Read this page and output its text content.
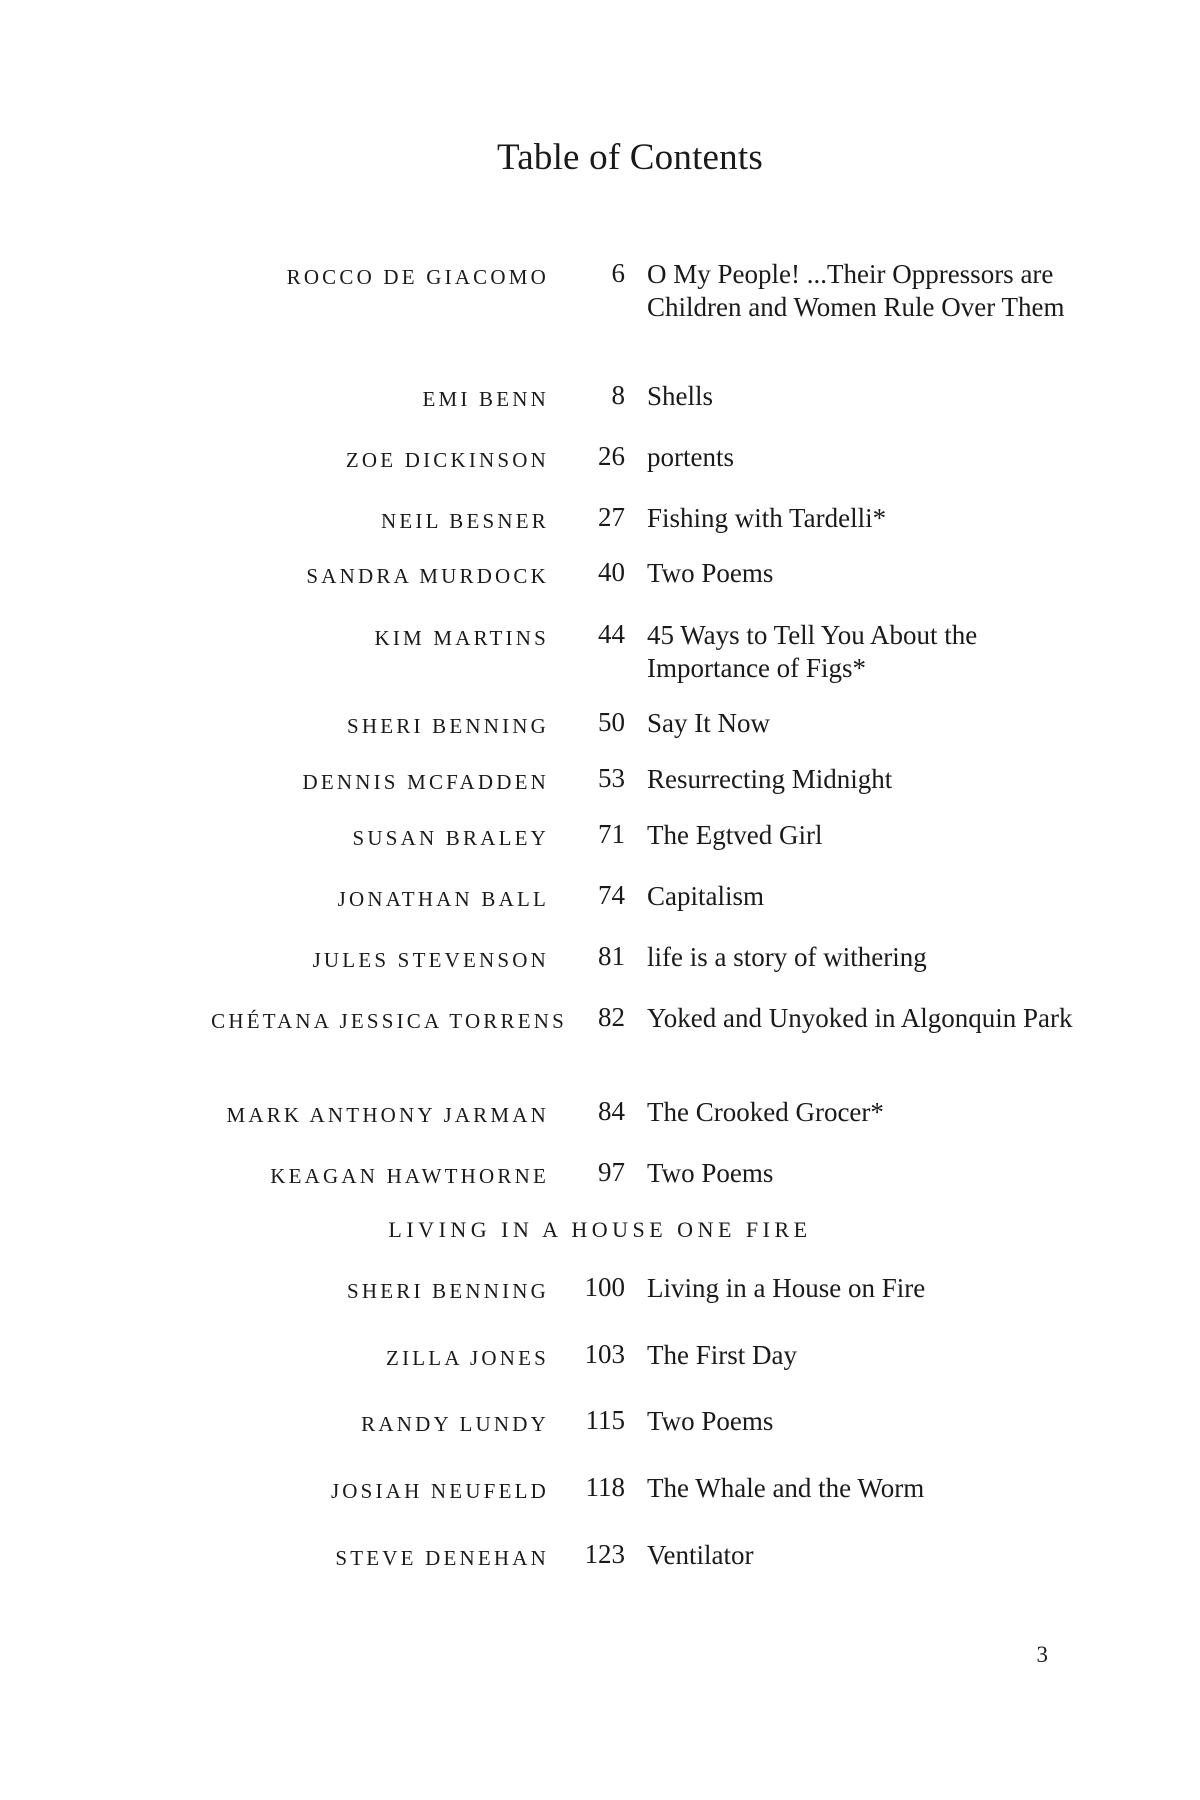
Table of Contents
ROCCO DE GIACOMO 6 O My People! ...Their Oppressors are Children and Women Rule Over Them
EMI BENN 8 Shells
ZOE DICKINSON 26 portents
NEIL BESNER 27 Fishing with Tardelli*
SANDRA MURDOCK 40 Two Poems
KIM MARTINS 44 45 Ways to Tell You About the Importance of Figs*
SHERI BENNING 50 Say It Now
DENNIS MCFADDEN 53 Resurrecting Midnight
SUSAN BRALEY 71 The Egtved Girl
JONATHAN BALL 74 Capitalism
JULES STEVENSON 81 life is a story of withering
CHÉTANA JESSICA TORRENS 82 Yoked and Unyoked in Algonquin Park
MARK ANTHONY JARMAN 84 The Crooked Grocer*
KEAGAN HAWTHORNE 97 Two Poems
LIVING IN A HOUSE ONE FIRE
SHERI BENNING 100 Living in a House on Fire
ZILLA JONES 103 The First Day
RANDY LUNDY 115 Two Poems
JOSIAH NEUFELD 118 The Whale and the Worm
STEVE DENEHAN 123 Ventilator
3
